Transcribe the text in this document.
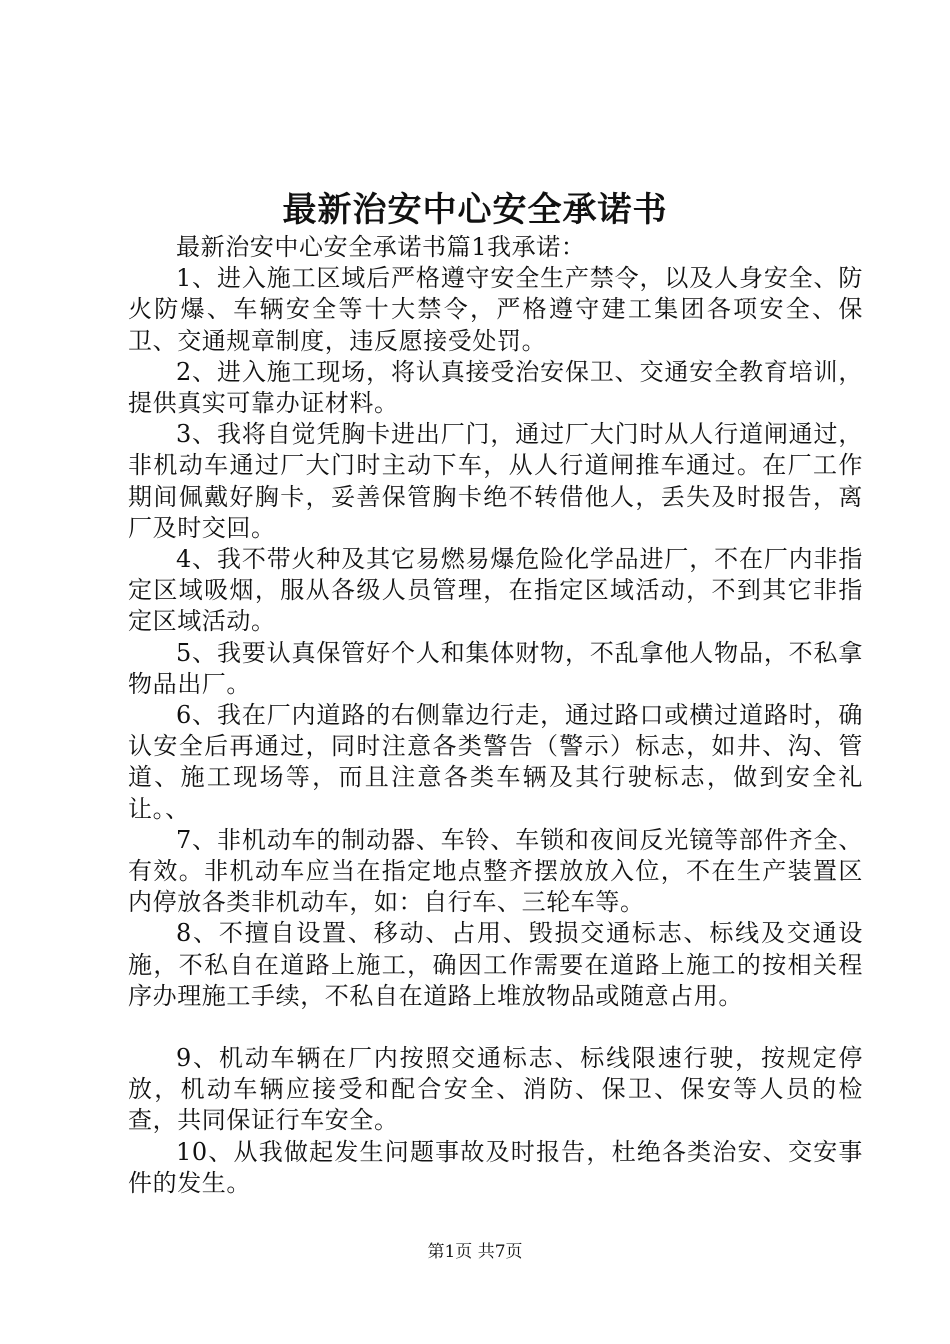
最新治安中心安全承诺书

最新治安中心安全承诺书篇1我承诺：

1、进入施工区域后严格遵守安全生产禁令，以及人身安全、防火防爆、车辆安全等十大禁令，严格遵守建工集团各项安全、保卫、交通规章制度，违反愿接受处罚。

2、进入施工现场，将认真接受治安保卫、交通安全教育培训，提供真实可靠办证材料。

3、我将自觉凭胸卡进出厂门，通过厂大门时从人行道闸通过，非机动车通过厂大门时主动下车，从人行道闸推车通过。在厂工作期间佩戴好胸卡，妥善保管胸卡绝不转借他人，丢失及时报告，离厂及时交回。

4、我不带火种及其它易燃易爆危险化学品进厂，不在厂内非指定区域吸烟，服从各级人员管理，在指定区域活动，不到其它非指定区域活动。

5、我要认真保管好个人和集体财物，不乱拿他人物品，不私拿物品出厂。

6、我在厂内道路的右侧靠边行走，通过路口或横过道路时，确认安全后再通过，同时注意各类警告（警示）标志，如井、沟、管道、施工现场等，而且注意各类车辆及其行驶标志，做到安全礼让。、

7、非机动车的制动器、车铃、车锁和夜间反光镜等部件齐全、有效。非机动车应当在指定地点整齐摆放放入位，不在生产装置区内停放各类非机动车，如：自行车、三轮车等。

8、不擅自设置、移动、占用、毁损交通标志、标线及交通设施，不私自在道路上施工，确因工作需要在道路上施工的按相关程序办理施工手续，不私自在道路上堆放物品或随意占用。

9、机动车辆在厂内按照交通标志、标线限速行驶，按规定停放，机动车辆应接受和配合安全、消防、保卫、保安等人员的检查，共同保证行车安全。

10、从我做起发生问题事故及时报告，杜绝各类治安、交安事件的发生。

第1页 共7页
